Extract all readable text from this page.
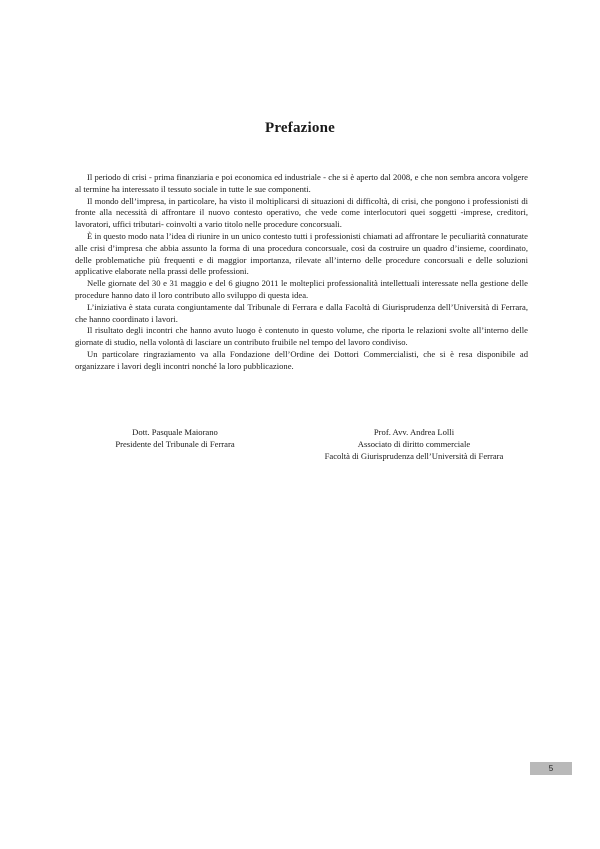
Prefazione

Il periodo di crisi - prima finanziaria e poi economica ed industriale - che si è aperto dal 2008, e che non sembra ancora volgere al termine ha interessato il tessuto sociale in tutte le sue componenti.

Il mondo dell’impresa, in particolare, ha visto il moltiplicarsi di situazioni di difficoltà, di crisi, che pongono i professionisti di fronte alla necessità di affrontare il nuovo contesto operativo, che vede come interlocutori quei soggetti -imprese, creditori, lavoratori, uffici tributari- coinvolti a vario titolo nelle procedure concorsuali.

È in questo modo nata l’idea di riunire in un unico contesto tutti i professionisti chiamati ad affrontare le peculiarità connaturate alle crisi d’impresa che abbia assunto la forma di una procedura concorsuale, così da costruire un quadro d’insieme, coordinato, delle problematiche più frequenti e di maggior importanza, rilevate all’interno delle procedure concorsuali e delle soluzioni applicative elaborate nella prassi delle professioni.

Nelle giornate del 30 e 31 maggio e del 6 giugno 2011 le molteplici professionalità intellettuali interessate nella gestione delle procedure hanno dato il loro contributo allo sviluppo di questa idea.

L’iniziativa è stata curata congiuntamente dal Tribunale di Ferrara e dalla Facoltà di Giurisprudenza dell’Università di Ferrara, che hanno coordinato i lavori.

Il risultato degli incontri che hanno avuto luogo è contenuto in questo volume, che riporta le relazioni svolte all’interno delle giornate di studio, nella volontà di lasciare un contributo fruibile nel tempo del lavoro condiviso.

Un particolare ringraziamento va alla Fondazione dell’Ordine dei Dottori Commercialisti, che si è resa disponibile ad organizzare i lavori degli incontri nonché la loro pubblicazione.

Dott. Pasquale Maiorano
Presidente del Tribunale di Ferrara
Prof. Avv. Andrea Lolli
Associato di diritto commerciale
Facoltà di Giurisprudenza dell’Università di Ferrara
5
